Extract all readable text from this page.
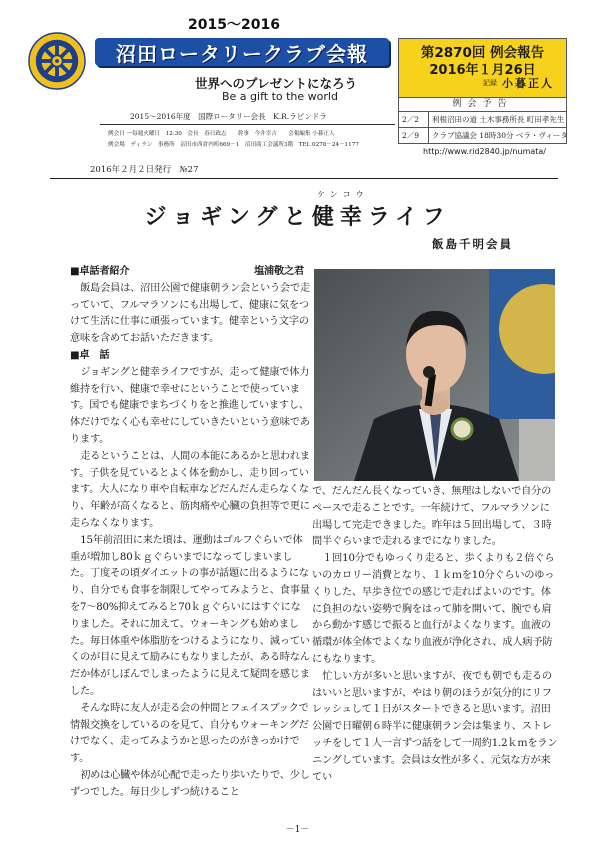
2015～2016
沼田ロータリークラブ会報
世界へのプレゼントになろう
Be a gift to the world
2015～2016年度　国際ロータリー会長　K.R.ラビンドラ
例会日 一毎週火曜日　12:30　会長　春日政志　　幹事　今井幸吉　　会報編集 小暮正人
例会場　ディラン　事務所　沼田市西倉内町669－1　沼田商工会議所3階　TEL 0278－24－1177
第2870回 例会報告
2016年１月26日
記録 小暮正人
例会予告
2／2 利根沼田の道 土木事務所長 町田孝先生
2／9 クラブ協議会 18時30分 ベラ・ヴィータ
http://www.rid2840.jp/numata/
2016年２月２日発行　№27
ケンコウ
ジョギングと健幸ライフ
飯島千明会員
■卓話者紹介	塩浦敬之君

飯島会員は、沼田公園で健康朝ラン会という会で走っていて、フルマラソンにも出場して、健康に気をつけて生活に仕事に頑張っています。健幸という文字の意味を含めてお話いただきます。

■卓　話

ジョギングと健幸ライフですが、走って健康で体力維持を行い、健康で幸せにということで使っています。国でも健康でまちづくりをと推進していますし、体だけでなく心も幸せにしていきたいという意味であります。

走るということは、人間の本能にあるかと思われます。子供を見ているとよく体を動かし、走り回っています。大人になり車や自転車などだんだん走らなくなり、年齢が高くなると、筋肉痛や心臓の負担等で更に走らなくなります。

15年前沼田に来た頃は、運動はゴルフぐらいで体重が増加し80ｋｇぐらいまでになってしまいました。丁度その頃ダイエットの事が話題に出るようになり、自分でも食事を制限してやってみようと、食事量を7～80%抑えてみると70ｋｇぐらいにはすぐになりました。それに加えて、ウォーキングも始めました。毎日体重や体脂肪をつけるようになり、減っていくのが目に見えて励みにもなりましたが、ある時なんだか体がしぼんでしまったように見えて疑問を感じました。

そんな時に友人が走る会の仲間とフェイスブックで情報交換をしているのを見て、自分もウォーキングだけでなく、走ってみようかと思ったのがきっかけです。

初めは心臓や体が心配で走ったり歩いたりで、少しずつでした。毎日少しずつ続けること

で、だんだん長くなっていき、無理はしないで自分のペースで走ることです。一年続けて、フルマラソンに出場して完走できました。昨年は５回出場して、３時間半ぐらいまで走れるまでになりました。

１回10分でもゆっくり走ると、歩くよりも２倍ぐらいのカロリー消費となり、１ｋｍを10分ぐらいのゆっくりした、早歩き位での感じで走ればよいのです。体に負担のない姿勢で胸をはって肺を開いて、腕でも肩から動かす感じで振ると血行がよくなります。血液の循環が体全体でよくなり血液が浄化され、成人病予防にもなります。

忙しい方が多いと思いますが、夜でも朝でも走るのはいいと思いますが、やはり朝のほうが気分的にリフレッシュして１日がスタートできると思います。沼田公園で日曜朝６時半に健康朝ラン会は集まり、ストレッチをして１人一言ずつ話をして一周約1.2ｋｍをランニングしています。会員は女性が多く、元気な方が来てい

－1－
